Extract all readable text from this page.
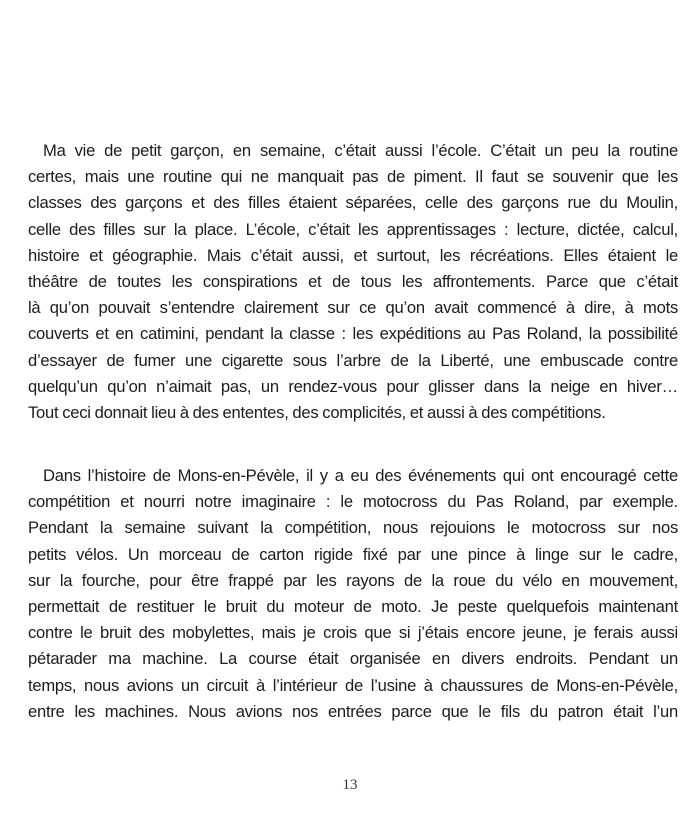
Ma vie de petit garçon, en semaine, c’était aussi l’école. C’était un peu la routine
certes, mais une routine qui ne manquait pas de piment. Il faut se souvenir que les
classes des garçons et des filles étaient séparées, celle des garçons rue du Moulin,
celle des filles sur la place. L’école, c’était les apprentissages : lecture, dictée, calcul,
histoire et géographie. Mais c’était aussi, et surtout, les récréations. Elles étaient le
théâtre de toutes les conspirations et de tous les affrontements. Parce que c’était
là qu’on pouvait s’entendre clairement sur ce qu’on avait commencé à dire, à mots
couverts et en catimini, pendant la classe : les expéditions au Pas Roland, la possibilité
d’essayer de fumer une cigarette sous l’arbre de la Liberté, une embuscade contre
quelqu’un qu’on n’aimait pas, un rendez-vous pour glisser dans la neige en hiver…
Tout ceci donnait lieu à des ententes, des complicités, et aussi à des compétitions.
Dans l’histoire de Mons-en-Pévèle, il y a eu des événements qui ont encouragé cette
compétition et nourri notre imaginaire : le motocross du Pas Roland, par exemple.
Pendant la semaine suivant la compétition, nous rejouions le motocross sur nos
petits vélos. Un morceau de carton rigide fixé par une pince à linge sur le cadre,
sur la fourche, pour être frappé par les rayons de la roue du vélo en mouvement,
permettait de restituer le bruit du moteur de moto. Je peste quelquefois maintenant
contre le bruit des mobylettes, mais je crois que si j’étais encore jeune, je ferais aussi
pétarader ma machine. La course était organisée en divers endroits. Pendant un
temps, nous avions un circuit à l’intérieur de l’usine à chaussures de Mons-en-Pévèle,
entre les machines. Nous avions nos entrées parce que le fils du patron était l’un
13
